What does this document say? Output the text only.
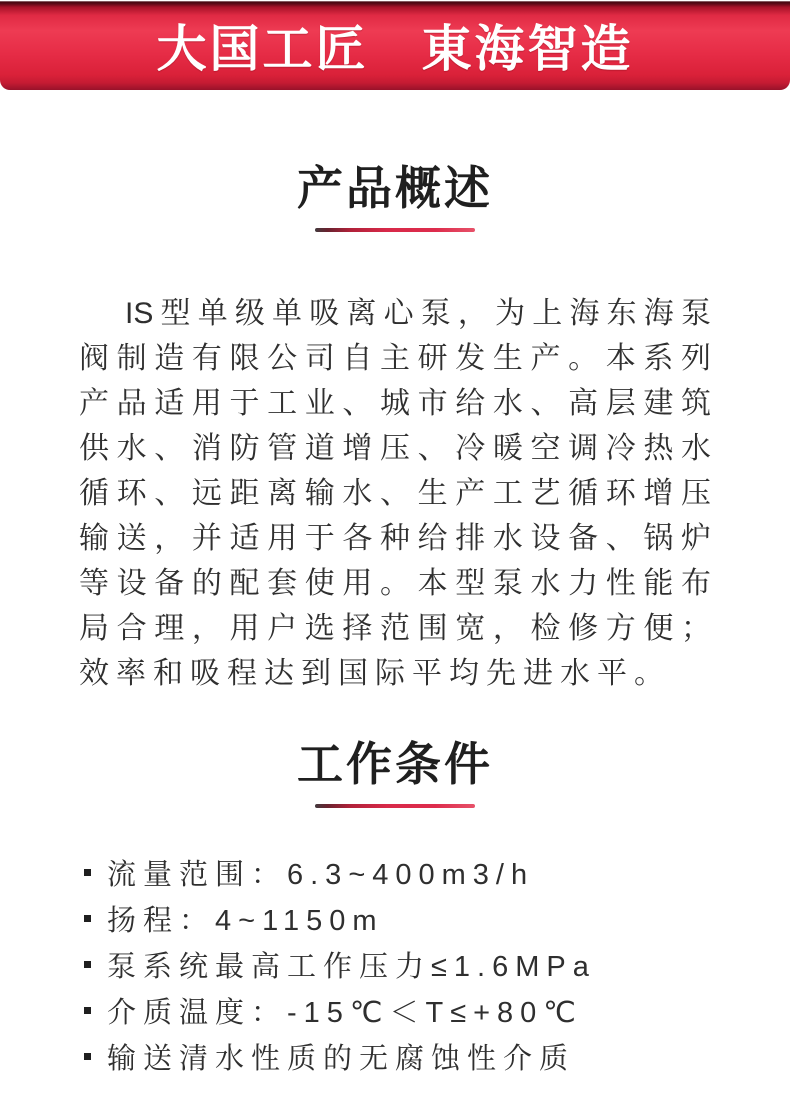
大国工匠　東海智造
产品概述
IS型单级单吸离心泵，为上海东海泵
阀制造有限公司自主研发生产。本系列
产品适用于工业、城市给水、高层建筑
供水、消防管道增压、冷暖空调冷热水
循环、远距离输水、生产工艺循环增压
输送，并适用于各种给排水设备、锅炉
等设备的配套使用。本型泵水力性能布
局合理，用户选择范围宽，检修方便；
效率和吸程达到国际平均先进水平。
工作条件
流量范围：6.3~400m3/h
扬程：4~1150m
泵系统最高工作压力≤1.6MPa
介质温度：-15℃＜T≤+80℃
输送清水性质的无腐蚀性介质
